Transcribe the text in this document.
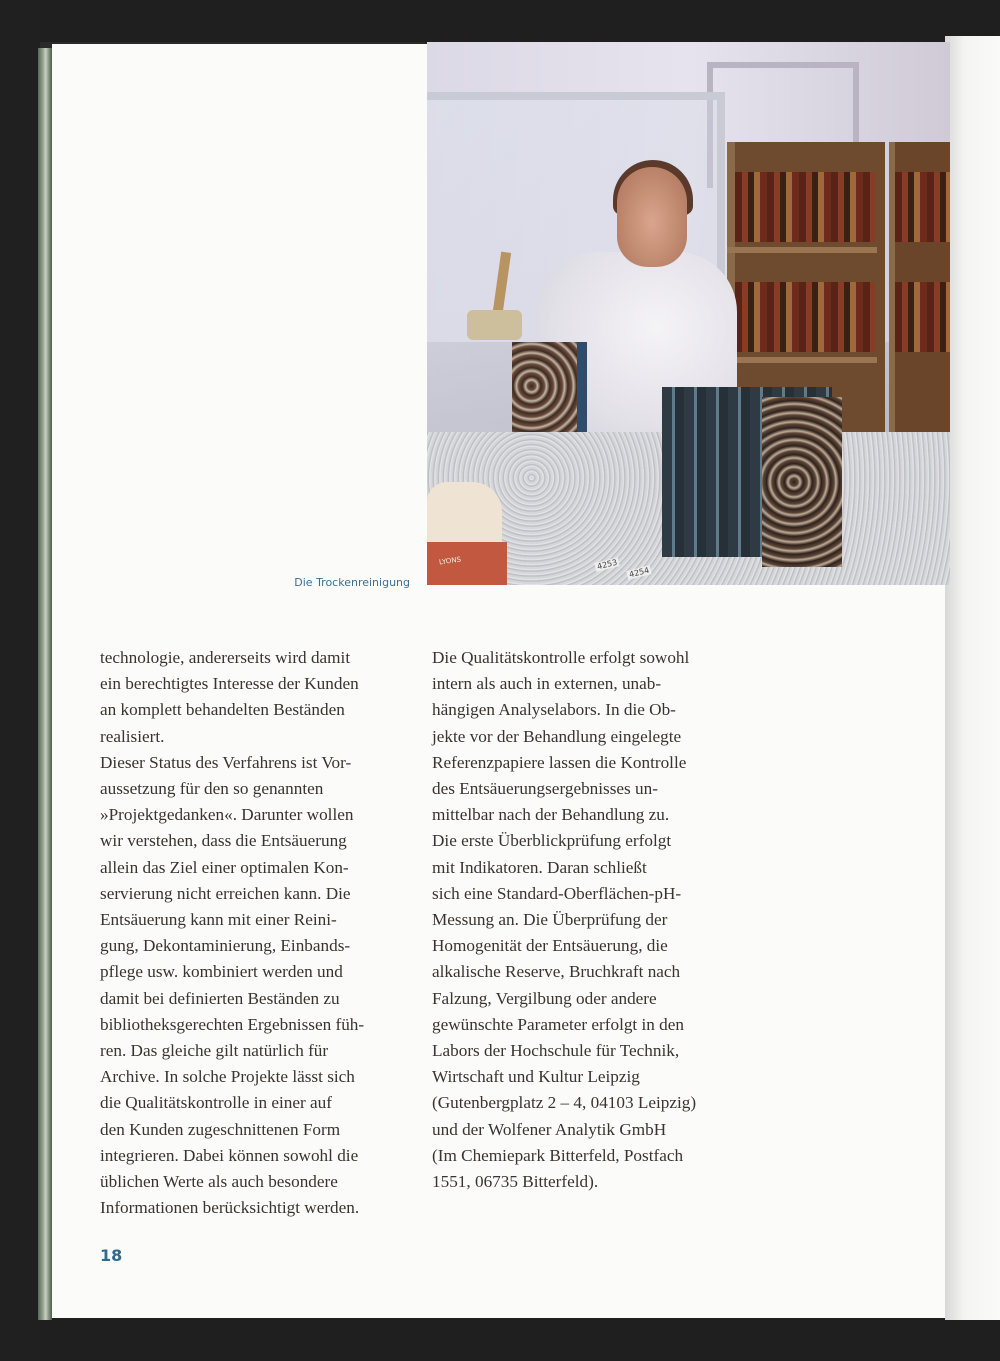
LYONS	4253
4254
Die Trockenreinigung

technologie, andererseits wird damit

ein berechtigtes Interesse der Kunden

an komplett behandelten Beständen

realisiert.

Dieser Status des Verfahrens ist Vor-

aussetzung für den so genannten

»Projektgedanken«. Darunter wollen

wir verstehen, dass die Entsäuerung

allein das Ziel einer optimalen Kon-

servierung nicht erreichen kann. Die

Entsäuerung kann mit einer Reini-

gung, Dekontaminierung, Einbands-

pflege usw. kombiniert werden und

damit bei definierten Beständen zu

bibliotheksgerechten Ergebnissen füh-

ren. Das gleiche gilt natürlich für

Archive. In solche Projekte lässt sich

die Qualitätskontrolle in einer auf

den Kunden zugeschnittenen Form

integrieren. Dabei können sowohl die

üblichen Werte als auch besondere

Informationen berücksichtigt werden.

Die Qualitätskontrolle erfolgt sowohl

intern als auch in externen, unab-

hängigen Analyselabors. In die Ob-

jekte vor der Behandlung eingelegte

Referenzpapiere lassen die Kontrolle

des Entsäuerungsergebnisses un-

mittelbar nach der Behandlung zu.

Die erste Überblickprüfung erfolgt

mit Indikatoren. Daran schließt

sich eine Standard-Oberflächen-pH-

Messung an. Die Überprüfung der

Homogenität der Entsäuerung, die

alkalische Reserve, Bruchkraft nach

Falzung, Vergilbung oder andere

gewünschte Parameter erfolgt in den

Labors der Hochschule für Technik,

Wirtschaft und Kultur Leipzig

(Gutenbergplatz 2 – 4, 04103 Leipzig)

und der Wolfener Analytik GmbH

(Im Chemiepark Bitterfeld, Postfach

1551, 06735 Bitterfeld).

18
